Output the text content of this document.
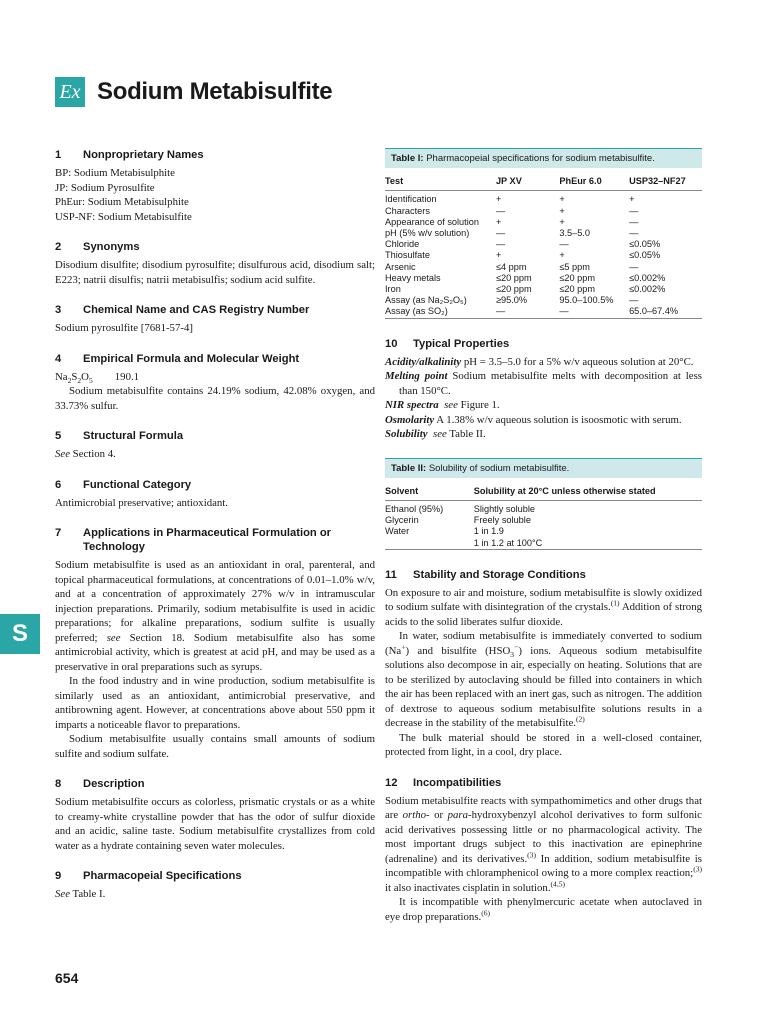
Ex Sodium Metabisulfite
S
1	Nonproprietary Names

BP: Sodium Metabisulphite

JP: Sodium Pyrosulfite

PhEur: Sodium Metabisulphite

USP-NF: Sodium Metabisulfite

2	Synonyms

Disodium disulfite; disodium pyrosulfite; disulfurous acid, disodium salt; E223; natrii disulfis; natrii metabisulfis; sodium acid sulfite.

3	Chemical Name and CAS Registry Number

Sodium pyrosulfite [7681-57-4]

4	Empirical Formula and Molecular Weight

$Na_2S_2O_5$ 190.1

Sodium metabisulfite contains 24.19% sodium, 42.08% oxygen, and 33.73% sulfur.

5	Structural Formula

See Section 4.

6	Functional Category

Antimicrobial preservative; antioxidant.

7	Applications in Pharmaceutical Formulation or Technology

Sodium metabisulfite is used as an antioxidant in oral, parenteral, and topical pharmaceutical formulations, at concentrations of 0.01–1.0% w/v, and at a concentration of approximately 27% w/v in intramuscular injection preparations. Primarily, sodium metabisulfite is used in acidic preparations; for alkaline preparations, sodium sulfite is usually preferred; see Section 18. Sodium metabisulfite also has some antimicrobial activity, which is greatest at acid pH, and may be used as a preservative in oral preparations such as syrups.

In the food industry and in wine production, sodium metabisulfite is similarly used as an antioxidant, antimicrobial preservative, and antibrowning agent. However, at concentrations above about 550 ppm it imparts a noticeable flavor to preparations.

Sodium metabisulfite usually contains small amounts of sodium sulfite and sodium sulfate.

8	Description

Sodium metabisulfite occurs as colorless, prismatic crystals or as a white to creamy-white crystalline powder that has the odor of sulfur dioxide and an acidic, saline taste. Sodium metabisulfite crystallizes from cold water as a hydrate containing seven water molecules.

9	Pharmacopeial Specifications

See Table I.

Table I: Pharmacopeial specifications for sodium metabisulfite.
Test	JP XV	PhEur 6.0	USP32–NF27
Identification	+	+	+
Characters	—	+	—
Appearance of solution	+	+	—
pH (5% w/v solution)	—	3.5–5.0	—
Chloride	—	—	≤0.05%
Thiosulfate	+	+	≤0.05%
Arsenic	≤4 ppm	≤5 ppm	—
Heavy metals	≤20 ppm	≤20 ppm	≤0.002%
Iron	≤20 ppm	≤20 ppm	≤0.002%
Assay (as Na₂S₂O₅)	≥95.0%	95.0–100.5%	—
Assay (as SO₂)	—	—	65.0–67.4%
10	Typical Properties

Acidity/alkalinity pH = 3.5–5.0 for a 5% w/v aqueous solution at 20°C.

Melting point Sodium metabisulfite melts with decomposition at less than 150°C.

NIR spectra see Figure 1.

Osmolarity A 1.38% w/v aqueous solution is isoosmotic with serum.

Solubility see Table II.

Table II: Solubility of sodium metabisulfite.
Solvent	Solubility at 20°C unless otherwise stated
Ethanol (95%)	Slightly soluble
Glycerin	Freely soluble
Water	1 in 1.9
	1 in 1.2 at 100°C
11	Stability and Storage Conditions

On exposure to air and moisture, sodium metabisulfite is slowly oxidized to sodium sulfate with disintegration of the crystals.$^{(1)}$ Addition of strong acids to the solid liberates sulfur dioxide.

In water, sodium metabisulfite is immediately converted to sodium (Na+) and bisulfite $(HSO_3^-)$ ions. Aqueous sodium metabisulfite solutions also decompose in air, especially on heating. Solutions that are to be sterilized by autoclaving should be filled into containers in which the air has been replaced with an inert gas, such as nitrogen. The addition of dextrose to aqueous sodium metabisulfite solutions results in a decrease in the stability of the metabisulfite.$^{(2)}$

The bulk material should be stored in a well-closed container, protected from light, in a cool, dry place.

12	Incompatibilities

Sodium metabisulfite reacts with sympathomimetics and other drugs that are ortho- or para-hydroxybenzyl alcohol derivatives to form sulfonic acid derivatives possessing little or no pharmacological activity. The most important drugs subject to this inactivation are epinephrine (adrenaline) and its derivatives.$^{(3)}$ In addition, sodium metabisulfite is incompatible with chloramphenicol owing to a more complex reaction;$^{(3)}$ it also inactivates cisplatin in solution.$^{(4,5)}$

It is incompatible with phenylmercuric acetate when autoclaved in eye drop preparations.$^{(6)}$

654
